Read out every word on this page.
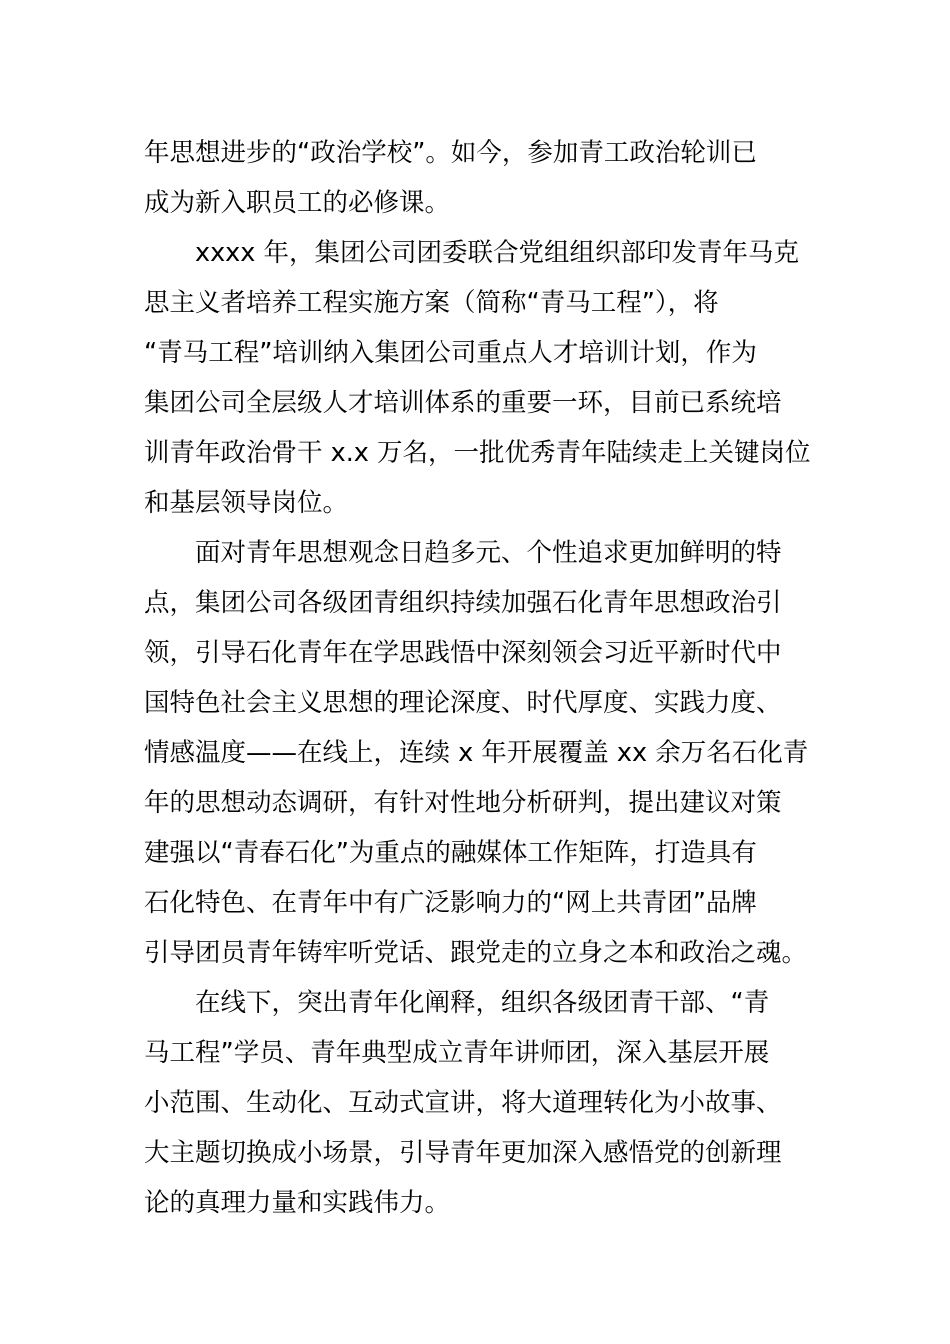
年思想进步的“政治学校”。如今，参加青工政治轮训已
成为新入职员工的必修课。
xxxx 年，集团公司团委联合党组组织部印发青年马克
思主义者培养工程实施方案（简称“青马工程”），将
“青马工程”培训纳入集团公司重点人才培训计划，作为
集团公司全层级人才培训体系的重要一环，目前已系统培
训青年政治骨干 x.x 万名，一批优秀青年陆续走上关键岗位
和基层领导岗位。
面对青年思想观念日趋多元、个性追求更加鲜明的特
点，集团公司各级团青组织持续加强石化青年思想政治引
领，引导石化青年在学思践悟中深刻领会习近平新时代中
国特色社会主义思想的理论深度、时代厚度、实践力度、
情感温度——在线上，连续 x 年开展覆盖 xx 余万名石化青
年的思想动态调研，有针对性地分析研判，提出建议对策
建强以“青春石化”为重点的融媒体工作矩阵，打造具有
石化特色、在青年中有广泛影响力的“网上共青团”品牌
引导团员青年铸牢听党话、跟党走的立身之本和政治之魂。
在线下，突出青年化阐释，组织各级团青干部、“青
马工程”学员、青年典型成立青年讲师团，深入基层开展
小范围、生动化、互动式宣讲，将大道理转化为小故事、
大主题切换成小场景，引导青年更加深入感悟党的创新理
论的真理力量和实践伟力。
